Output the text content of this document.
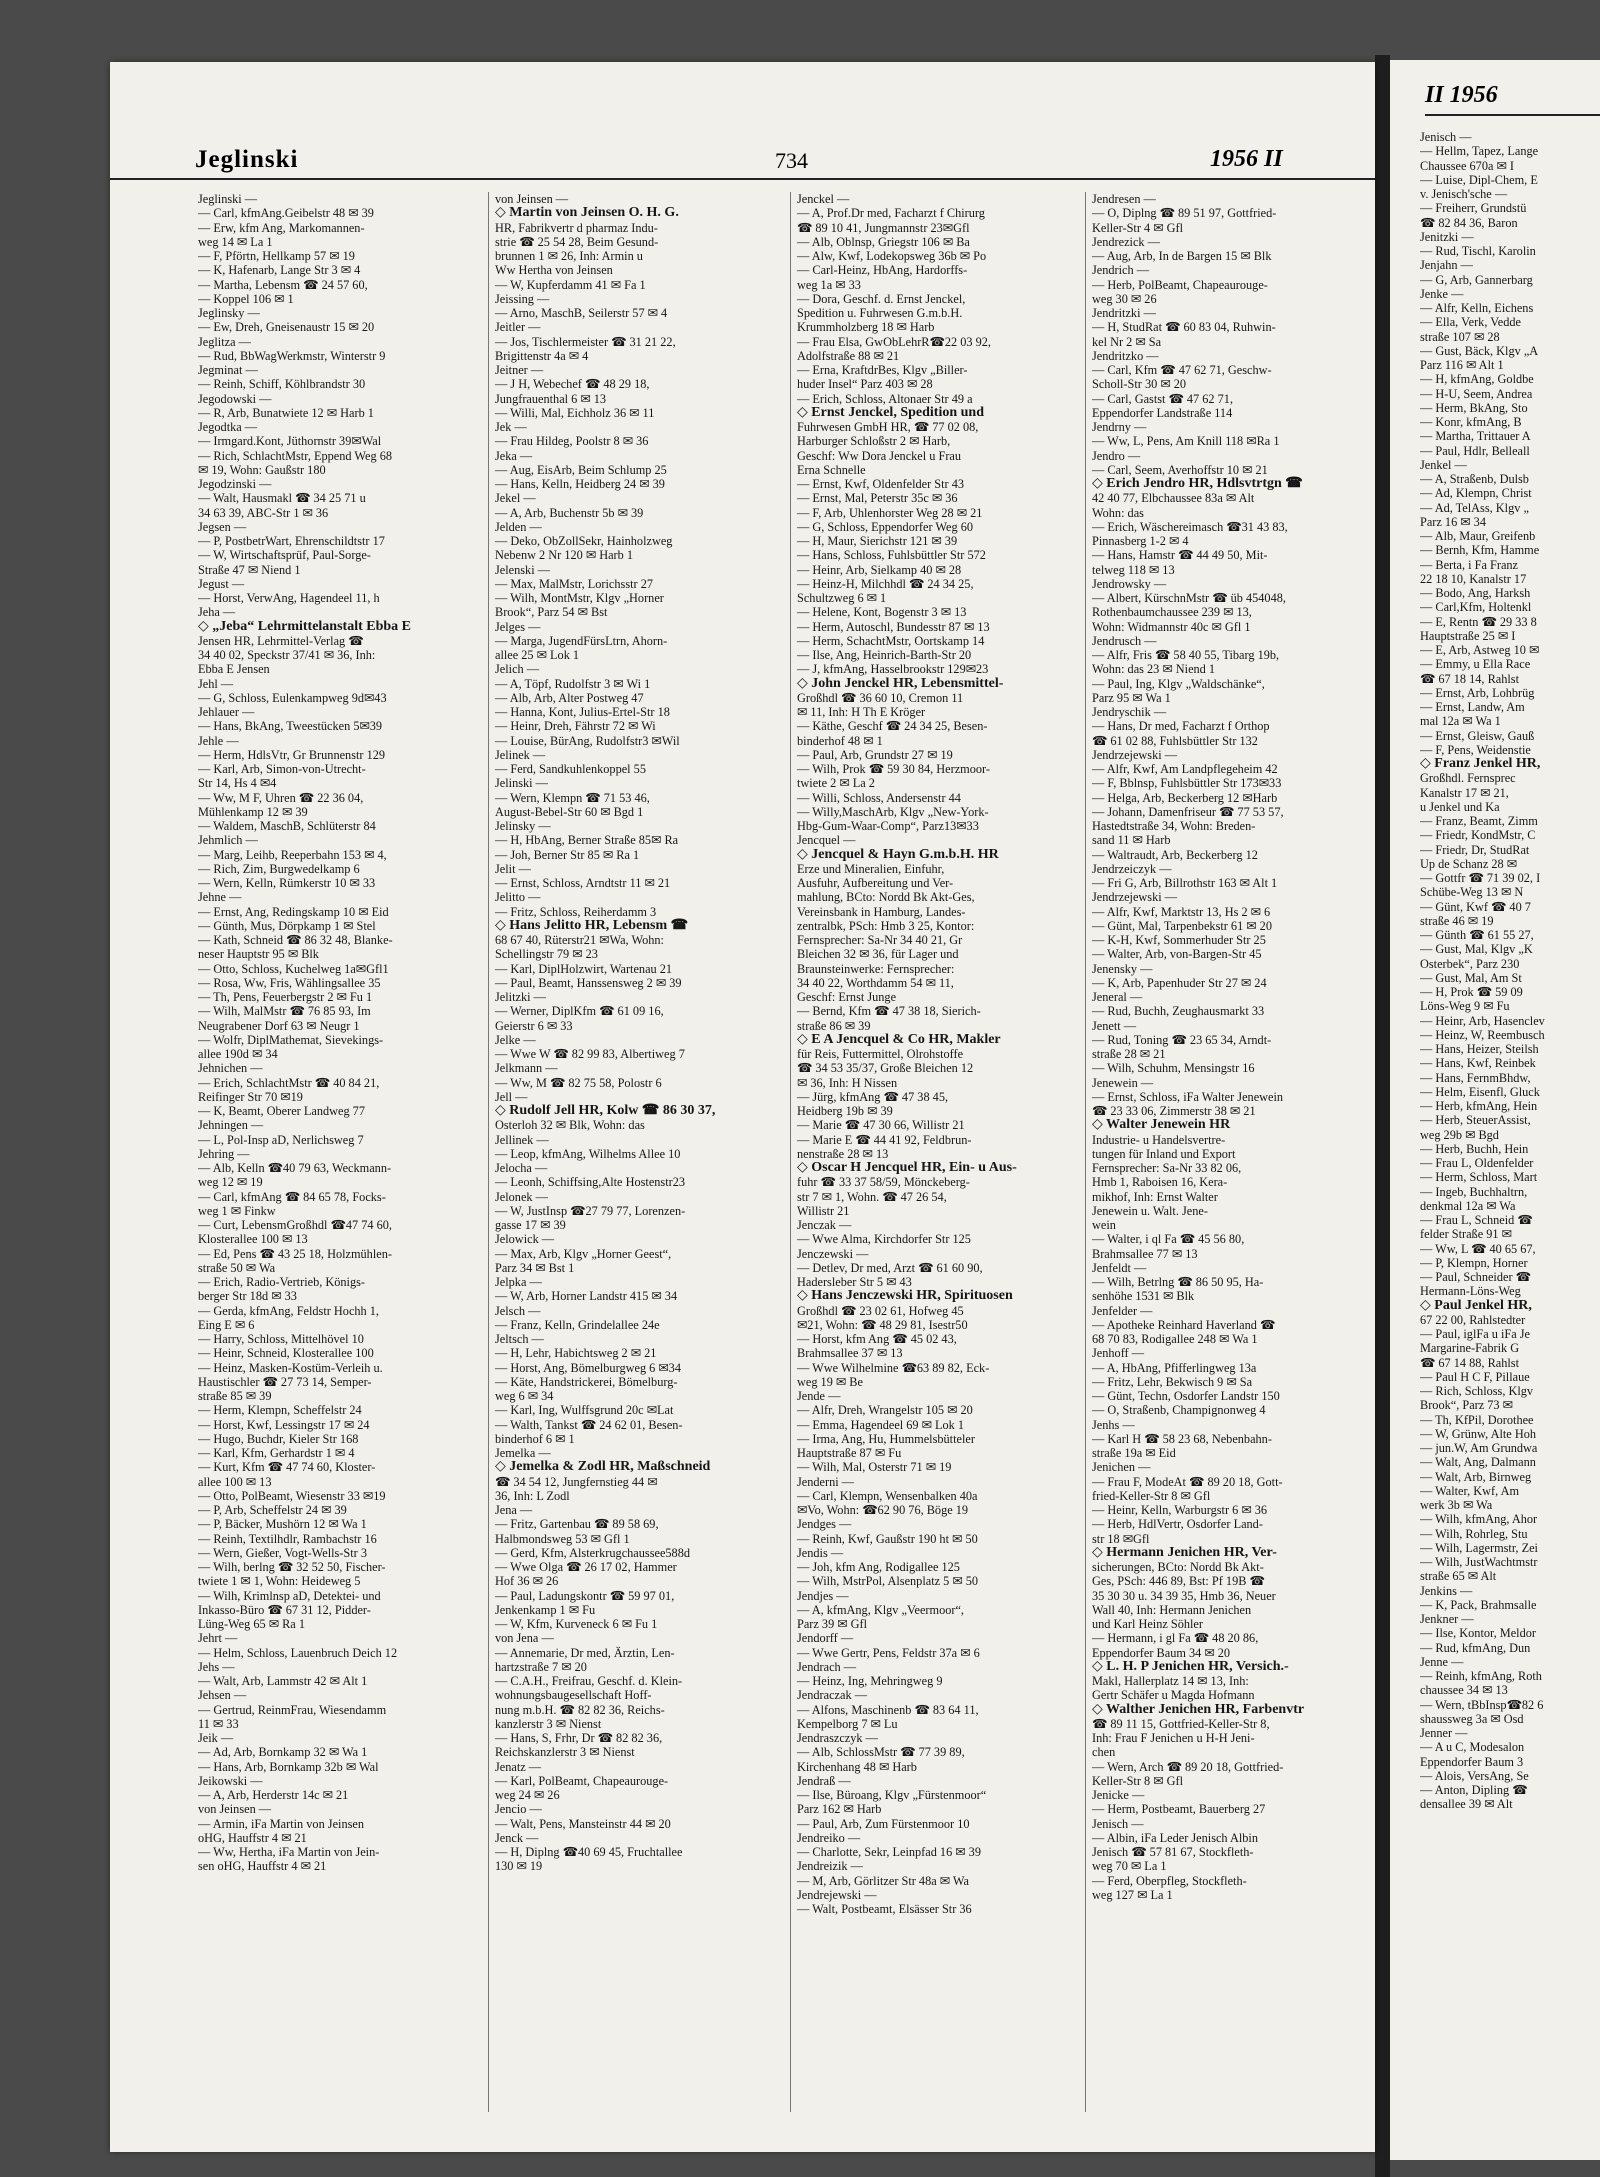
Jeglinski	734	1956 II
Jeglinski —
— Carl, kfmAng.Geibelstr 48 ✉ 39
— Erw, kfm Ang, Markomannen-
weg 14 ✉ La 1
— F, Pförtn, Hellkamp 57 ✉ 19
— K, Hafenarb, Lange Str 3 ✉ 4
— Martha, Lebensm ☎ 24 57 60,
— Koppel 106 ✉ 1
Jeglinsky —
— Ew, Dreh, Gneisenaustr 15 ✉ 20
Jeglitza —
— Rud, BbWagWerkmstr, Winterstr 9
Jegminat —
— Reinh, Schiff, Köhlbrandstr 30
Jegodowski —
— R, Arb, Bunatwiete 12 ✉ Harb 1
Jegodtka —
— Irmgard.Kont, Jüthornstr 39✉Wal
— Rich, SchlachtMstr, Eppend Weg 68
✉ 19, Wohn: Gaußstr 180
Jegodzinski —
— Walt, Hausmakl ☎ 34 25 71 u
34 63 39, ABC-Str 1 ✉ 36
Jegsen —
— P, PostbetrWart, Ehrenschildtstr 17
— W, Wirtschaftsprüf, Paul-Sorge-
Straße 47 ✉ Niend 1
Jegust —
— Horst, VerwAng, Hagendeel 11, h
Jeha —
◇ „Jeba“ Lehrmittelanstalt Ebba E
Jensen HR, Lehrmittel-Verlag ☎
34 40 02, Speckstr 37/41 ✉ 36, Inh:
Ebba E Jensen
Jehl —
— G, Schloss, Eulenkampweg 9d✉43
Jehlauer —
— Hans, BkAng, Tweestücken 5✉39
Jehle —
— Herm, HdlsVtr, Gr Brunnenstr 129
— Karl, Arb, Simon-von-Utrecht-
Str 14, Hs 4 ✉4
— Ww, M F, Uhren ☎ 22 36 04,
Mühlenkamp 12 ✉ 39
— Waldem, MaschB, Schlüterstr 84
Jehmlich —
— Marg, Leihb, Reeperbahn 153 ✉ 4,
— Rich, Zim, Burgwedelkamp 6
— Wern, Kelln, Rümkerstr 10 ✉ 33
Jehne —
— Ernst, Ang, Redingskamp 10 ✉ Eid
— Günth, Mus, Dörpkamp 1 ✉ Stel
— Kath, Schneid ☎ 86 32 48, Blanke-
neser Hauptstr 95 ✉ Blk
— Otto, Schloss, Kuchelweg 1a✉Gfl1
— Rosa, Ww, Fris, Wählingsallee 35
— Th, Pens, Feuerbergstr 2 ✉ Fu 1
— Wilh, MalMstr ☎ 76 85 93, Im
Neugrabener Dorf 63 ✉ Neugr 1
— Wolfr, DiplMathemat, Sievekings-
allee 190d ✉ 34
Jehnichen —
— Erich, SchlachtMstr ☎ 40 84 21,
Reifinger Str 70 ✉19
— K, Beamt, Oberer Landweg 77
Jehningen —
— L, Pol-Insp aD, Nerlichsweg 7
Jehring —
— Alb, Kelln ☎40 79 63, Weckmann-
weg 12 ✉ 19
— Carl, kfmAng ☎ 84 65 78, Focks-
weg 1 ✉ Finkw
— Curt, LebensmGroßhdl ☎47 74 60,
Klosterallee 100 ✉ 13
— Ed, Pens ☎ 43 25 18, Holzmühlen-
straße 50 ✉ Wa
— Erich, Radio-Vertrieb, Königs-
berger Str 18d ✉ 33
— Gerda, kfmAng, Feldstr Hochh 1,
Eing E ✉ 6
— Harry, Schloss, Mittelhövel 10
— Heinr, Schneid, Klosterallee 100
— Heinz, Masken-Kostüm-Verleih u.
Haustischler ☎ 27 73 14, Semper-
straße 85 ✉ 39
— Herm, Klempn, Scheffelstr 24
— Horst, Kwf, Lessingstr 17 ✉ 24
— Hugo, Buchdr, Kieler Str 168
— Karl, Kfm, Gerhardstr 1 ✉ 4
— Kurt, Kfm ☎ 47 74 60, Kloster-
allee 100 ✉ 13
— Otto, PolBeamt, Wiesenstr 33 ✉19
— P, Arb, Scheffelstr 24 ✉ 39
— P, Bäcker, Mushörn 12 ✉ Wa 1
— Reinh, Textilhdlr, Rambachstr 16
— Wern, Gießer, Vogt-Wells-Str 3
— Wilh, berlng ☎ 32 52 50, Fischer-
twiete 1 ✉ 1, Wohn: Heideweg 5
— Wilh, Krimlnsp aD, Detektei- und
Inkasso-Büro ☎ 67 31 12, Pidder-
Lüng-Weg 65 ✉ Ra 1
Jehrt —
— Helm, Schloss, Lauenbruch Deich 12
Jehs —
— Walt, Arb, Lammstr 42 ✉ Alt 1
Jehsen —
— Gertrud, ReinmFrau, Wiesendamm
11 ✉ 33
Jeik —
— Ad, Arb, Bornkamp 32 ✉ Wa 1
— Hans, Arb, Bornkamp 32b ✉ Wal
Jeikowski —
— A, Arb, Herderstr 14c ✉ 21
von Jeinsen —
— Armin, iFa Martin von Jeinsen
oHG, Hauffstr 4 ✉ 21
— Ww, Hertha, iFa Martin von Jein-
sen oHG, Hauffstr 4 ✉ 21
von Jeinsen —
◇ Martin von Jeinsen O. H. G.
HR, Fabrikvertr d pharmaz Indu-
strie ☎ 25 54 28, Beim Gesund-
brunnen 1 ✉ 26, Inh: Armin u
Ww Hertha von Jeinsen
— W, Kupferdamm 41 ✉ Fa 1
Jeissing —
— Arno, MaschB, Seilerstr 57 ✉ 4
Jeitler —
— Jos, Tischlermeister ☎ 31 21 22,
Brigittenstr 4a ✉ 4
Jeitner —
— J H, Webechef ☎ 48 29 18,
Jungfrauenthal 6 ✉ 13
— Willi, Mal, Eichholz 36 ✉ 11
Jek —
— Frau Hildeg, Poolstr 8 ✉ 36
Jeka —
— Aug, EisArb, Beim Schlump 25
— Hans, Kelln, Heidberg 24 ✉ 39
Jekel —
— A, Arb, Buchenstr 5b ✉ 39
Jelden —
— Deko, ObZollSekr, Hainholzweg
Nebenw 2 Nr 120 ✉ Harb 1
Jelenski —
— Max, MalMstr, Lorichsstr 27
— Wilh, MontMstr, Klgv „Horner
Brook“, Parz 54 ✉ Bst
Jelges —
— Marga, JugendFürsLtrn, Ahorn-
allee 25 ✉ Lok 1
Jelich —
— A, Töpf, Rudolfstr 3 ✉ Wi 1
— Alb, Arb, Alter Postweg 47
— Hanna, Kont, Julius-Ertel-Str 18
— Heinr, Dreh, Fährstr 72 ✉ Wi
— Louise, BürAng, Rudolfstr3 ✉Wil
Jelinek —
— Ferd, Sandkuhlenkoppel 55
Jelinski —
— Wern, Klempn ☎ 71 53 46,
August-Bebel-Str 60 ✉ Bgd 1
Jelinsky —
— H, HbAng, Berner Straße 85✉ Ra
— Joh, Berner Str 85 ✉ Ra 1
Jelit —
— Ernst, Schloss, Arndtstr 11 ✉ 21
Jelitto —
— Fritz, Schloss, Reiherdamm 3
◇ Hans Jelitto HR, Lebensm ☎
68 67 40, Rüterstr21 ✉Wa, Wohn:
Schellingstr 79 ✉ 23
— Karl, DiplHolzwirt, Wartenau 21
— Paul, Beamt, Hanssensweg 2 ✉ 39
Jelitzki —
— Werner, DiplKfm ☎ 61 09 16,
Geierstr 6 ✉ 33
Jelke —
— Wwe W ☎ 82 99 83, Albertiweg 7
Jelkmann —
— Ww, M ☎ 82 75 58, Polostr 6
Jell —
◇ Rudolf Jell HR, Kolw ☎ 86 30 37,
Osterloh 32 ✉ Blk, Wohn: das
Jellinek —
— Leop, kfmAng, Wilhelms Allee 10
Jelocha —
— Leonh, Schiffsing,Alte Hostenstr23
Jelonek —
— W, JustInsp ☎27 79 77, Lorenzen-
gasse 17 ✉ 39
Jelowick —
— Max, Arb, Klgv „Horner Geest“,
Parz 34 ✉ Bst 1
Jelpka —
— W, Arb, Horner Landstr 415 ✉ 34
Jelsch —
— Franz, Kelln, Grindelallee 24e
Jeltsch —
— H, Lehr, Habichtsweg 2 ✉ 21
— Horst, Ang, Bömelburgweg 6 ✉34
— Käte, Handstrickerei, Bömelburg-
weg 6 ✉ 34
— Karl, Ing, Wulffsgrund 20c ✉Lat
— Walth, Tankst ☎ 24 62 01, Besen-
binderhof 6 ✉ 1
Jemelka —
◇ Jemelka & Zodl HR, Maßschneid
☎ 34 54 12, Jungfernstieg 44 ✉
36, Inh: L Zodl
Jena —
— Fritz, Gartenbau ☎ 89 58 69,
Halbmondsweg 53 ✉ Gfl 1
— Gerd, Kfm, Alsterkrugchaussee588d
— Wwe Olga ☎ 26 17 02, Hammer
Hof 36 ✉ 26
— Paul, Ladungskontr ☎ 59 97 01,
Jenkenkamp 1 ✉ Fu
— W, Kfm, Kurveneck 6 ✉ Fu 1
von Jena —
— Annemarie, Dr med, Ärztin, Len-
hartzstraße 7 ✉ 20
— C.A.H., Freifrau, Geschf. d. Klein-
wohnungsbaugesellschaft Hoff-
nung m.b.H. ☎ 82 82 36, Reichs-
kanzlerstr 3 ✉ Nienst
— Hans, S, Frhr, Dr ☎ 82 82 36,
Reichskanzlerstr 3 ✉ Nienst
Jenatz —
— Karl, PolBeamt, Chapeaurouge-
weg 24 ✉ 26
Jencio —
— Walt, Pens, Mansteinstr 44 ✉ 20
Jenck —
— H, Diplng ☎40 69 45, Fruchtallee
130 ✉ 19
Jenckel —
— A, Prof.Dr med, Facharzt f Chirurg
☎ 89 10 41, Jungmannstr 23✉Gfl
— Alb, Oblnsp, Griegstr 106 ✉ Ba
— Alw, Kwf, Lodekopsweg 36b ✉ Po
— Carl-Heinz, HbAng, Hardorffs-
weg 1a ✉ 33
— Dora, Geschf. d. Ernst Jenckel,
Spedition u. Fuhrwesen G.m.b.H.
Krummholzberg 18 ✉ Harb
— Frau Elsa, GwObLehrR☎22 03 92,
Adolfstraße 88 ✉ 21
— Erna, KraftdrBes, Klgv „Biller-
huder Insel“ Parz 403 ✉ 28
— Erich, Schloss, Altonaer Str 49 a
◇ Ernst Jenckel, Spedition und
Fuhrwesen GmbH HR, ☎ 77 02 08,
Harburger Schloßstr 2 ✉ Harb,
Geschf: Ww Dora Jenckel u Frau
Erna Schnelle
— Ernst, Kwf, Oldenfelder Str 43
— Ernst, Mal, Peterstr 35c ✉ 36
— F, Arb, Uhlenhorster Weg 28 ✉ 21
— G, Schloss, Eppendorfer Weg 60
— H, Maur, Sierichstr 121 ✉ 39
— Hans, Schloss, Fuhlsbüttler Str 572
— Heinr, Arb, Sielkamp 40 ✉ 28
— Heinz-H, Milchhdl ☎ 24 34 25,
Schultzweg 6 ✉ 1
— Helene, Kont, Bogenstr 3 ✉ 13
— Herm, Autoschl, Bundesstr 87 ✉ 13
— Herm, SchachtMstr, Oortskamp 14
— Ilse, Ang, Heinrich-Barth-Str 20
— J, kfmAng, Hasselbrookstr 129✉23
◇ John Jenckel HR, Lebensmittel-
Großhdl ☎ 36 60 10, Cremon 11
✉ 11, Inh: H Th E Kröger
— Käthe, Geschf ☎ 24 34 25, Besen-
binderhof 48 ✉ 1
— Paul, Arb, Grundstr 27 ✉ 19
— Wilh, Prok ☎ 59 30 84, Herzmoor-
twiete 2 ✉ La 2
— Willi, Schloss, Andersenstr 44
— Willy,MaschArb, Klgv „New-York-
Hbg-Gum-Waar-Comp“, Parz13✉33
Jencquel —
◇ Jencquel & Hayn G.m.b.H. HR
Erze und Mineralien, Einfuhr,
Ausfuhr, Aufbereitung und Ver-
mahlung, BCto: Nordd Bk Akt-Ges,
Vereinsbank in Hamburg, Landes-
zentralbk, PSch: Hmb 3 25, Kontor:
Fernsprecher: Sa-Nr 34 40 21, Gr
Bleichen 32 ✉ 36, für Lager und
Braunsteinwerke: Fernsprecher:
34 40 22, Worthdamm 54 ✉ 11,
Geschf: Ernst Junge
— Bernd, Kfm ☎ 47 38 18, Sierich-
straße 86 ✉ 39
◇ E A Jencquel & Co HR, Makler
für Reis, Futtermittel, Olrohstoffe
☎ 34 53 35/37, Große Bleichen 12
✉ 36, Inh: H Nissen
— Jürg, kfmAng ☎ 47 38 45,
Heidberg 19b ✉ 39
— Marie ☎ 47 30 66, Willistr 21
— Marie E ☎ 44 41 92, Feldbrun-
nenstraße 28 ✉ 13
◇ Oscar H Jencquel HR, Ein- u Aus-
fuhr ☎ 33 37 58/59, Mönckeberg-
str 7 ✉ 1, Wohn. ☎ 47 26 54,
Willistr 21
Jenczak —
— Wwe Alma, Kirchdorfer Str 125
Jenczewski —
— Detlev, Dr med, Arzt ☎ 61 60 90,
Hadersleber Str 5 ✉ 43
◇ Hans Jenczewski HR, Spirituosen
Großhdl ☎ 23 02 61, Hofweg 45
✉21, Wohn: ☎ 48 29 81, Isestr50
— Horst, kfm Ang ☎ 45 02 43,
Brahmsallee 37 ✉ 13
— Wwe Wilhelmine ☎63 89 82, Eck-
weg 19 ✉ Be
Jende —
— Alfr, Dreh, Wrangelstr 105 ✉ 20
— Emma, Hagendeel 69 ✉ Lok 1
— Irma, Ang, Hu, Hummelsbütteler
Hauptstraße 87 ✉ Fu
— Wilh, Mal, Osterstr 71 ✉ 19
Jenderni —
— Carl, Klempn, Wensenbalken 40a
✉Vo, Wohn: ☎62 90 76, Böge 19
Jendges —
— Reinh, Kwf, Gaußstr 190 ht ✉ 50
Jendis —
— Joh, kfm Ang, Rodigallee 125
— Wilh, MstrPol, Alsenplatz 5 ✉ 50
Jendjes —
— A, kfmAng, Klgv „Veermoor“,
Parz 39 ✉ Gfl
Jendorff —
— Wwe Gertr, Pens, Feldstr 37a ✉ 6
Jendrach —
— Heinz, Ing, Mehringweg 9
Jendraczak —
— Alfons, Maschinenb ☎ 83 64 11,
Kempelborg 7 ✉ Lu
Jendraszczyk —
— Alb, SchlossMstr ☎ 77 39 89,
Kirchenhang 48 ✉ Harb
Jendraß —
— Ilse, Büroang, Klgv „Fürstenmoor“
Parz 162 ✉ Harb
— Paul, Arb, Zum Fürstenmoor 10
Jendreiko —
— Charlotte, Sekr, Leinpfad 16 ✉ 39
Jendreizik —
— M, Arb, Görlitzer Str 48a ✉ Wa
Jendrejewski —
— Walt, Postbeamt, Elsässer Str 36
Jendresen —
— O, Diplng ☎ 89 51 97, Gottfried-
Keller-Str 4 ✉ Gfl
Jendrezick —
— Aug, Arb, In de Bargen 15 ✉ Blk
Jendrich —
— Herb, PolBeamt, Chapeaurouge-
weg 30 ✉ 26
Jendritzki —
— H, StudRat ☎ 60 83 04, Ruhwin-
kel Nr 2 ✉ Sa
Jendritzko —
— Carl, Kfm ☎ 47 62 71, Geschw-
Scholl-Str 30 ✉ 20
— Carl, Gastst ☎ 47 62 71,
Eppendorfer Landstraße 114
Jendrny —
— Ww, L, Pens, Am Knill 118 ✉Ra 1
Jendro —
— Carl, Seem, Averhoffstr 10 ✉ 21
◇ Erich Jendro HR, Hdlsvtrtgn ☎
42 40 77, Elbchaussee 83a ✉ Alt
Wohn: das
— Erich, Wäschereimasch ☎31 43 83,
Pinnasberg 1-2 ✉ 4
— Hans, Hamstr ☎ 44 49 50, Mit-
telweg 118 ✉ 13
Jendrowsky —
— Albert, KürschnMstr ☎ üb 454048,
Rothenbaumchaussee 239 ✉ 13,
Wohn: Widmannstr 40c ✉ Gfl 1
Jendrusch —
— Alfr, Fris ☎ 58 40 55, Tibarg 19b,
Wohn: das 23 ✉ Niend 1
— Paul, Ing, Klgv „Waldschänke“,
Parz 95 ✉ Wa 1
Jendryschik —
— Hans, Dr med, Facharzt f Orthop
☎ 61 02 88, Fuhlsbüttler Str 132
Jendrzejewski —
— Alfr, Kwf, Am Landpflegeheim 42
— F, Bblnsp, Fuhlsbüttler Str 173✉33
— Helga, Arb, Beckerberg 12 ✉Harb
— Johann, Damenfriseur ☎ 77 53 57,
Hastedtstraße 34, Wohn: Breden-
sand 11 ✉ Harb
— Waltraudt, Arb, Beckerberg 12
Jendrzeiczyk —
— Fri G, Arb, Billrothstr 163 ✉ Alt 1
Jendrzejewski —
— Alfr, Kwf, Marktstr 13, Hs 2 ✉ 6
— Günt, Mal, Tarpenbekstr 61 ✉ 20
— K-H, Kwf, Sommerhuder Str 25
— Walter, Arb, von-Bargen-Str 45
Jenensky —
— K, Arb, Papenhuder Str 27 ✉ 24
Jeneral —
— Rud, Buchh, Zeughausmarkt 33
Jenett —
— Rud, Toning ☎ 23 65 34, Arndt-
straße 28 ✉ 21
— Wilh, Schuhm, Mensingstr 16
Jenewein —
— Ernst, Schloss, iFa Walter Jenewein
☎ 23 33 06, Zimmerstr 38 ✉ 21
◇ Walter Jenewein HR
Industrie- u Handelsvertre-
tungen für Inland und Export
Fernsprecher: Sa-Nr 33 82 06,
Hmb 1, Raboisen 16, Kera-
mikhof, Inh: Ernst Walter
Jenewein u. Walt. Jene-
wein
— Walter, i ql Fa ☎ 45 56 80,
Brahmsallee 77 ✉ 13
Jenfeldt —
— Wilh, Betrlng ☎ 86 50 95, Ha-
senhöhe 1531 ✉ Blk
Jenfelder —
— Apotheke Reinhard Haverland ☎
68 70 83, Rodigallee 248 ✉ Wa 1
Jenhoff —
— A, HbAng, Pfifferlingweg 13a
— Fritz, Lehr, Bekwisch 9 ✉ Sa
— Günt, Techn, Osdorfer Landstr 150
— O, Straßenb, Champignonweg 4
Jenhs —
— Karl H ☎ 58 23 68, Nebenbahn-
straße 19a ✉ Eid
Jenichen —
— Frau F, ModeAt ☎ 89 20 18, Gott-
fried-Keller-Str 8 ✉ Gfl
— Heinr, Kelln, Warburgstr 6 ✉ 36
— Herb, HdlVertr, Osdorfer Land-
str 18 ✉Gfl
◇ Hermann Jenichen HR, Ver-
sicherungen, BCto: Nordd Bk Akt-
Ges, PSch: 446 89, Bst: Pf 19B ☎
35 30 30 u. 34 39 35, Hmb 36, Neuer
Wall 40, Inh: Hermann Jenichen
und Karl Heinz Söhler
— Hermann, i gl Fa ☎ 48 20 86,
Eppendorfer Baum 34 ✉ 20
◇ L. H. P Jenichen HR, Versich.-
Makl, Hallerplatz 14 ✉ 13, Inh:
Gertr Schäfer u Magda Hofmann
◇ Walther Jenichen HR, Farbenvtr
☎ 89 11 15, Gottfried-Keller-Str 8,
Inh: Frau F Jenichen u H-H Jeni-
chen
— Wern, Arch ☎ 89 20 18, Gottfried-
Keller-Str 8 ✉ Gfl
Jenicke —
— Herm, Postbeamt, Bauerberg 27
Jenisch —
— Albin, iFa Leder Jenisch Albin
Jenisch ☎ 57 81 67, Stockfleth-
weg 70 ✉ La 1
— Ferd, Oberpfleg, Stockfleth-
weg 127 ✉ La 1
II 1956
Jenisch —
— Hellm, Tapez, Lange
Chaussee 670a ✉ I
— Luise, Dipl-Chem, E
v. Jenisch'sche —
— Freiherr, Grundstü
☎ 82 84 36, Baron
Jenitzki —
— Rud, Tischl, Karolin
Jenjahn —
— G, Arb, Gannerbarg
Jenke —
— Alfr, Kelln, Eichens
— Ella, Verk, Vedde
straße 107 ✉ 28
— Gust, Bäck, Klgv „A
Parz 116 ✉ Alt 1
— H, kfmAng, Goldbe
— H-U, Seem, Andrea
— Herm, BkAng, Sto
— Konr, kfmAng, B
— Martha, Trittauer A
— Paul, Hdlr, Belleall
Jenkel —
— A, Straßenb, Dulsb
— Ad, Klempn, Christ
— Ad, TelAss, Klgv „
Parz 16 ✉ 34
— Alb, Maur, Greifenb
— Bernh, Kfm, Hamme
— Berta, i Fa Franz
22 18 10, Kanalstr 17
— Bodo, Ang, Harksh
— Carl,Kfm, Holtenkl
— E, Rentn ☎ 29 33 8
Hauptstraße 25 ✉ I
— E, Arb, Astweg 10 ✉
— Emmy, u Ella Race
☎ 67 18 14, Rahlst
— Ernst, Arb, Lohbrüg
— Ernst, Landw, Am
mal 12a ✉ Wa 1
— Ernst, Gleisw, Gauß
— F, Pens, Weidenstie
◇ Franz Jenkel HR,
Großhdl. Fernsprec
Kanalstr 17 ✉ 21,
u Jenkel und Ka
— Franz, Beamt, Zimm
— Friedr, KondMstr, C
— Friedr, Dr, StudRat
Up de Schanz 28 ✉
— Gottfr ☎ 71 39 02, I
Schübe-Weg 13 ✉ N
— Günt, Kwf ☎ 40 7
straße 46 ✉ 19
— Günth ☎ 61 55 27,
— Gust, Mal, Klgv „K
Osterbek“, Parz 230
— Gust, Mal, Am St
— H, Prok ☎ 59 09
Löns-Weg 9 ✉ Fu
— Heinr, Arb, Hasenclev
— Heinz, W, Reembusch
— Hans, Heizer, Steilsh
— Hans, Kwf, Reinbek
— Hans, FernmBhdw,
— Helm, Eisenfl, Gluck
— Herb, kfmAng, Hein
— Herb, SteuerAssist,
weg 29b ✉ Bgd
— Herb, Buchh, Hein
— Frau L, Oldenfelder
— Herm, Schloss, Mart
— Ingeb, Buchhaltrn,
denkmal 12a ✉ Wa
— Frau L, Schneid ☎
felder Straße 91 ✉
— Ww, L ☎ 40 65 67,
— P, Klempn, Horner
— Paul, Schneider ☎
Hermann-Löns-Weg
◇ Paul Jenkel HR,
67 22 00, Rahlstedter
— Paul, iglFa u iFa Je
Margarine-Fabrik G
☎ 67 14 88, Rahlst
— Paul H C F, Pillaue
— Rich, Schloss, Klgv
Brook“, Parz 73 ✉
— Th, KfPil, Dorothee
— W, Grünw, Alte Hoh
— jun.W, Am Grundwa
— Walt, Ang, Dalmann
— Walt, Arb, Birnweg
— Walter, Kwf, Am
werk 3b ✉ Wa
— Wilh, kfmAng, Ahor
— Wilh, Rohrleg, Stu
— Wilh, Lagermstr, Zei
— Wilh, JustWachtmstr
straße 65 ✉ Alt
Jenkins —
— K, Pack, Brahmsalle
Jenkner —
— Ilse, Kontor, Meldor
— Rud, kfmAng, Dun
Jenne —
— Reinh, kfmAng, Roth
chaussee 34 ✉ 13
— Wern, tBbInsp☎82 6
shaussweg 3a ✉ Osd
Jenner —
— A u C, Modesalon
Eppendorfer Baum 3
— Alois, VersAng, Se
— Anton, Dipling ☎
densallee 39 ✉ Alt
